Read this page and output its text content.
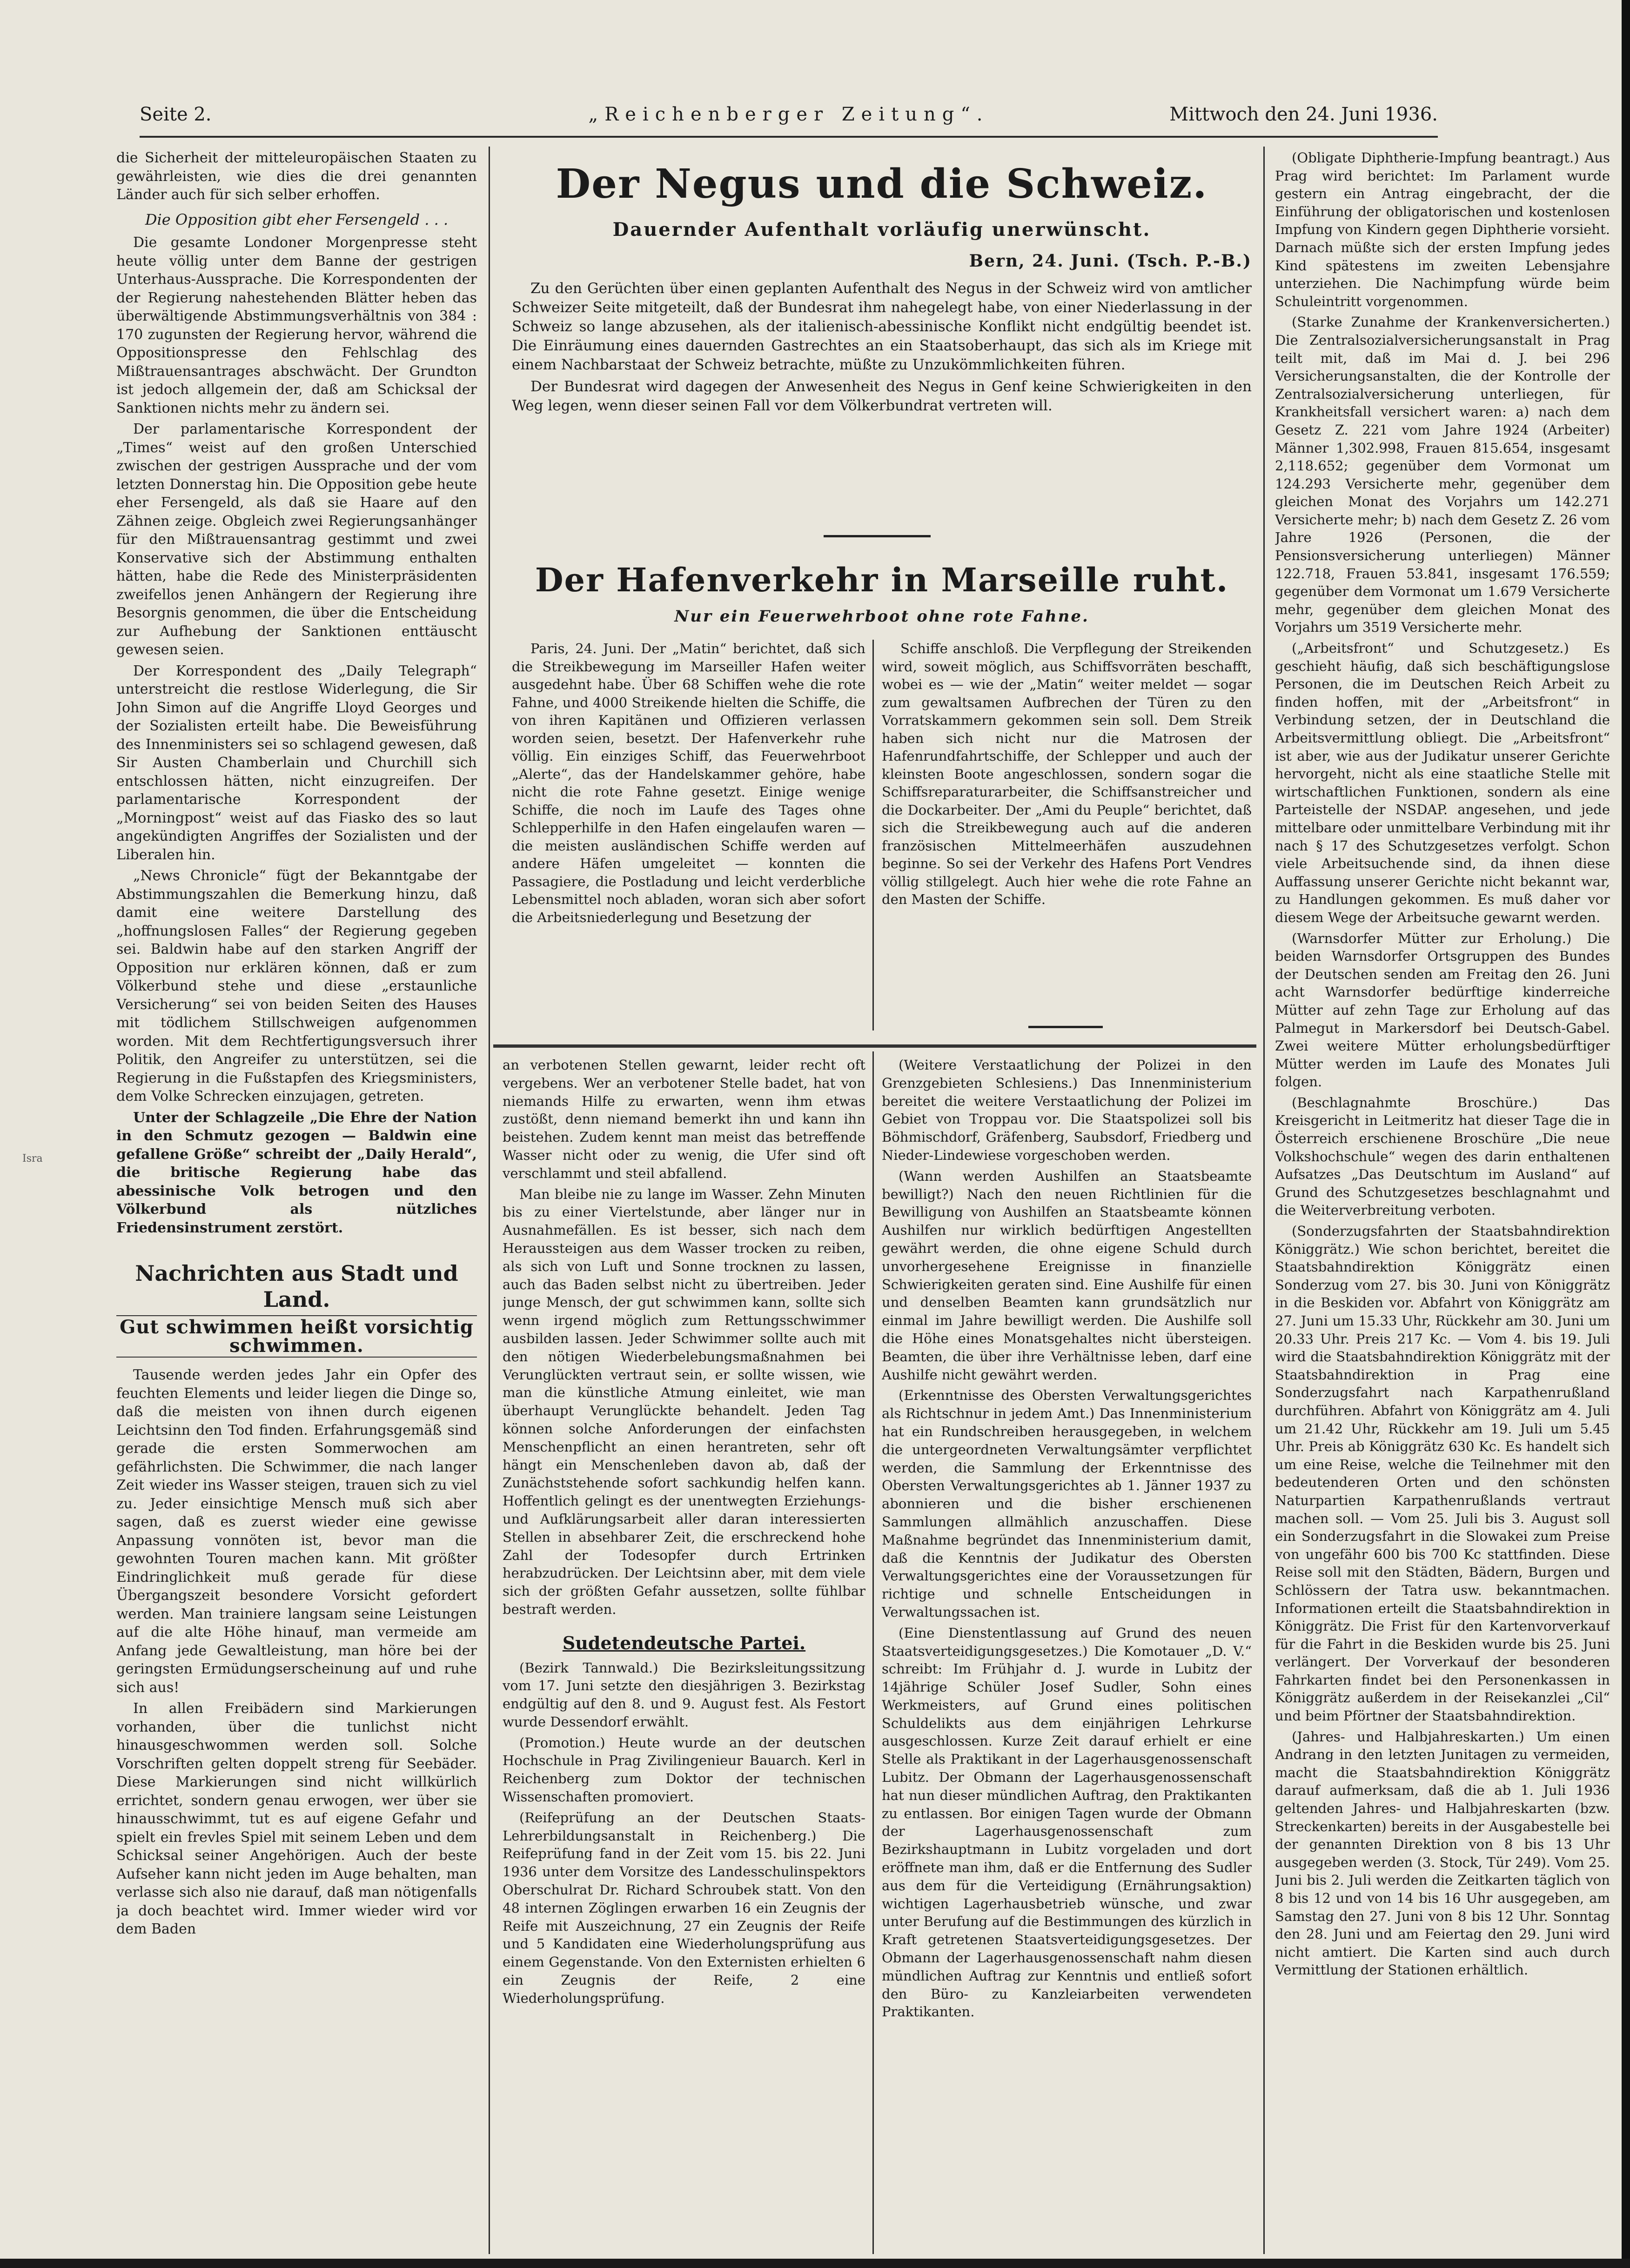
Seite 2.	„Reichenberger Zeitung“.	Mittwoch den 24. Juni 1936.
Isra

die Sicherheit der mitteleuropäischen Staaten zu gewährleisten, wie dies die drei genannten Länder auch für sich selber erhoffen.

Die Opposition gibt eher Fersengeld . . .

Die gesamte Londoner Morgenpresse steht heute völlig unter dem Banne der gestrigen Unterhaus-Aussprache. Die Korrespondenten der der Regierung nahestehenden Blätter heben das überwältigende Abstimmungsverhältnis von 384 : 170 zugunsten der Regierung hervor, während die Oppositionspresse den Fehlschlag des Mißtrauensantrages abschwächt. Der Grundton ist jedoch allgemein der, daß am Schicksal der Sanktionen nichts mehr zu ändern sei.

Der parlamentarische Korrespondent der „Times“ weist auf den großen Unterschied zwischen der gestrigen Aussprache und der vom letzten Donnerstag hin. Die Opposition gebe heute eher Fersengeld, als daß sie Haare auf den Zähnen zeige. Obgleich zwei Regierungsanhänger für den Mißtrauensantrag gestimmt und zwei Konservative sich der Abstimmung enthalten hätten, habe die Rede des Ministerpräsidenten zweifellos jenen Anhängern der Regierung ihre Besorgnis genommen, die über die Entscheidung zur Aufhebung der Sanktionen enttäuscht gewesen seien.

Der Korrespondent des „Daily Telegraph“ unterstreicht die restlose Widerlegung, die Sir John Simon auf die Angriffe Lloyd Georges und der Sozialisten erteilt habe. Die Beweisführung des Innenministers sei so schlagend gewesen, daß Sir Austen Chamberlain und Churchill sich entschlossen hätten, nicht einzugreifen. Der parlamentarische Korrespondent der „Morningpost“ weist auf das Fiasko des so laut angekündigten Angriffes der Sozialisten und der Liberalen hin.

„News Chronicle“ fügt der Bekanntgabe der Abstimmungszahlen die Bemerkung hinzu, daß damit eine weitere Darstellung des „hoffnungslosen Falles“ der Regierung gegeben sei. Baldwin habe auf den starken Angriff der Opposition nur erklären können, daß er zum Völkerbund stehe und diese „erstaunliche Versicherung“ sei von beiden Seiten des Hauses mit tödlichem Stillschweigen aufgenommen worden. Mit dem Rechtfertigungsversuch ihrer Politik, den Angreifer zu unterstützen, sei die Regierung in die Fußstapfen des Kriegsministers, dem Volke Schrecken einzujagen, getreten.

Unter der Schlagzeile „Die Ehre der Nation in den Schmutz gezogen — Baldwin eine gefallene Größe“ schreibt der „Daily Herald“, die britische Regierung habe das abessinische Volk betrogen und den Völkerbund als nützliches Friedensinstrument zerstört.

Nachrichten aus Stadt und Land.

Gut schwimmen heißt vorsichtig schwimmen.

Tausende werden jedes Jahr ein Opfer des feuchten Elements und leider liegen die Dinge so, daß die meisten von ihnen durch eigenen Leichtsinn den Tod finden. Erfahrungsgemäß sind gerade die ersten Sommerwochen am gefährlichsten. Die Schwimmer, die nach langer Zeit wieder ins Wasser steigen, trauen sich zu viel zu. Jeder einsichtige Mensch muß sich aber sagen, daß es zuerst wieder eine gewisse Anpassung vonnöten ist, bevor man die gewohnten Touren machen kann. Mit größter Eindringlichkeit muß gerade für diese Übergangszeit besondere Vorsicht gefordert werden. Man trainiere langsam seine Leistungen auf die alte Höhe hinauf, man vermeide am Anfang jede Gewaltleistung, man höre bei der geringsten Ermüdungserscheinung auf und ruhe sich aus!

In allen Freibädern sind Markierungen vorhanden, über die tunlichst nicht hinausgeschwommen werden soll. Solche Vorschriften gelten doppelt streng für Seebäder. Diese Markierungen sind nicht willkürlich errichtet, sondern genau erwogen, wer über sie hinausschwimmt, tut es auf eigene Gefahr und spielt ein frevles Spiel mit seinem Leben und dem Schicksal seiner Angehörigen. Auch der beste Aufseher kann nicht jeden im Auge behalten, man verlasse sich also nie darauf, daß man nötigenfalls ja doch beachtet wird. Immer wieder wird vor dem Baden

Der Negus und die Schweiz.
Dauernder Aufenthalt vorläufig unerwünscht.
Bern, 24. Juni. (Tsch. P.-B.)

Zu den Gerüchten über einen geplanten Aufenthalt des Negus in der Schweiz wird von amtlicher Schweizer Seite mitgeteilt, daß der Bundesrat ihm nahegelegt habe, von einer Niederlassung in der Schweiz so lange abzusehen, als der italienisch-abessinische Konflikt nicht endgültig beendet ist. Die Einräumung eines dauernden Gastrechtes an ein Staatsoberhaupt, das sich als im Kriege mit einem Nachbarstaat der Schweiz betrachte, müßte zu Unzukömmlichkeiten führen.

Der Bundesrat wird dagegen der Anwesenheit des Negus in Genf keine Schwierigkeiten in den Weg legen, wenn dieser seinen Fall vor dem Völkerbundrat vertreten will.

Der Hafenverkehr in Marseille ruht.
Nur ein Feuerwehrboot ohne rote Fahne.

Paris, 24. Juni. Der „Matin“ berichtet, daß sich die Streikbewegung im Marseiller Hafen weiter ausgedehnt habe. Über 68 Schiffen wehe die rote Fahne, und 4000 Streikende hielten die Schiffe, die von ihren Kapitänen und Offizieren verlassen worden seien, besetzt. Der Hafenverkehr ruhe völlig. Ein einziges Schiff, das Feuerwehrboot „Alerte“, das der Handelskammer gehöre, habe nicht die rote Fahne gesetzt. Einige wenige Schiffe, die noch im Laufe des Tages ohne Schlepperhilfe in den Hafen eingelaufen waren — die meisten ausländischen Schiffe werden auf andere Häfen umgeleitet — konnten die Passagiere, die Postladung und leicht verderbliche Lebensmittel noch abladen, woran sich aber sofort die Arbeitsniederlegung und Besetzung der

Schiffe anschloß. Die Verpflegung der Streikenden wird, soweit möglich, aus Schiffsvorräten beschafft, wobei es — wie der „Matin“ weiter meldet — sogar zum gewaltsamen Aufbrechen der Türen zu den Vorratskammern gekommen sein soll. Dem Streik haben sich nicht nur die Matrosen der Hafenrundfahrtschiffe, der Schlepper und auch der kleinsten Boote angeschlossen, sondern sogar die Schiffsreparaturarbeiter, die Schiffsanstreicher und die Dockarbeiter. Der „Ami du Peuple“ berichtet, daß sich die Streikbewegung auch auf die anderen französischen Mittelmeerhäfen auszudehnen beginne. So sei der Verkehr des Hafens Port Vendres völlig stillgelegt. Auch hier wehe die rote Fahne an den Masten der Schiffe.

an verbotenen Stellen gewarnt, leider recht oft vergebens. Wer an verbotener Stelle badet, hat von niemands Hilfe zu erwarten, wenn ihm etwas zustößt, denn niemand bemerkt ihn und kann ihn beistehen. Zudem kennt man meist das betreffende Wasser nicht oder zu wenig, die Ufer sind oft verschlammt und steil abfallend.

Man bleibe nie zu lange im Wasser. Zehn Minuten bis zu einer Viertelstunde, aber länger nur in Ausnahmefällen. Es ist besser, sich nach dem Heraussteigen aus dem Wasser trocken zu reiben, als sich von Luft und Sonne trocknen zu lassen, auch das Baden selbst nicht zu übertreiben. Jeder junge Mensch, der gut schwimmen kann, sollte sich wenn irgend möglich zum Rettungsschwimmer ausbilden lassen. Jeder Schwimmer sollte auch mit den nötigen Wiederbelebungsmaßnahmen bei Verunglückten vertraut sein, er sollte wissen, wie man die künstliche Atmung einleitet, wie man überhaupt Verunglückte behandelt. Jeden Tag können solche Anforderungen der einfachsten Menschenpflicht an einen herantreten, sehr oft hängt ein Menschenleben davon ab, daß der Zunächststehende sofort sachkundig helfen kann. Hoffentlich gelingt es der unentwegten Erziehungs- und Aufklärungsarbeit aller daran interessierten Stellen in absehbarer Zeit, die erschreckend hohe Zahl der Todesopfer durch Ertrinken herabzudrücken. Der Leichtsinn aber, mit dem viele sich der größten Gefahr aussetzen, sollte fühlbar bestraft werden.

Sudetendeutsche Partei.

(Bezirk Tannwald.) Die Bezirksleitungssitzung vom 17. Juni setzte den diesjährigen 3. Bezirkstag endgültig auf den 8. und 9. August fest. Als Festort wurde Dessendorf erwählt.

(Promotion.) Heute wurde an der deutschen Hochschule in Prag Zivilingenieur Bauarch. Kerl in Reichenberg zum Doktor der technischen Wissenschaften promoviert.

(Reifeprüfung an der Deutschen Staats-Lehrerbildungsanstalt in Reichenberg.) Die Reifeprüfung fand in der Zeit vom 15. bis 22. Juni 1936 unter dem Vorsitze des Landesschulinspektors Oberschulrat Dr. Richard Schroubek statt. Von den 48 internen Zöglingen erwarben 16 ein Zeugnis der Reife mit Auszeichnung, 27 ein Zeugnis der Reife und 5 Kandidaten eine Wiederholungsprüfung aus einem Gegenstande. Von den Externisten erhielten 6 ein Zeugnis der Reife, 2 eine Wiederholungsprüfung.

(Weitere Verstaatlichung der Polizei in den Grenzgebieten Schlesiens.) Das Innenministerium bereitet die weitere Verstaatlichung der Polizei im Gebiet von Troppau vor. Die Staatspolizei soll bis Böhmischdorf, Gräfenberg, Saubsdorf, Friedberg und Nieder-Lindewiese vorgeschoben werden.

(Wann werden Aushilfen an Staatsbeamte bewilligt?) Nach den neuen Richtlinien für die Bewilligung von Aushilfen an Staatsbeamte können Aushilfen nur wirklich bedürftigen Angestellten gewährt werden, die ohne eigene Schuld durch unvorhergesehene Ereignisse in finanzielle Schwierigkeiten geraten sind. Eine Aushilfe für einen und denselben Beamten kann grundsätzlich nur einmal im Jahre bewilligt werden. Die Aushilfe soll die Höhe eines Monatsgehaltes nicht übersteigen. Beamten, die über ihre Verhältnisse leben, darf eine Aushilfe nicht gewährt werden.

(Erkenntnisse des Obersten Verwaltungsgerichtes als Richtschnur in jedem Amt.) Das Innenministerium hat ein Rundschreiben herausgegeben, in welchem die untergeordneten Verwaltungsämter verpflichtet werden, die Sammlung der Erkenntnisse des Obersten Verwaltungsgerichtes ab 1. Jänner 1937 zu abonnieren und die bisher erschienenen Sammlungen allmählich anzuschaffen. Diese Maßnahme begründet das Innenministerium damit, daß die Kenntnis der Judikatur des Obersten Verwaltungsgerichtes eine der Voraussetzungen für richtige und schnelle Entscheidungen in Verwaltungssachen ist.

(Eine Dienstentlassung auf Grund des neuen Staatsverteidigungsgesetzes.) Die Komotauer „D. V.“ schreibt: Im Frühjahr d. J. wurde in Lubitz der 14jährige Schüler Josef Sudler, Sohn eines Werkmeisters, auf Grund eines politischen Schuldelikts aus dem einjährigen Lehrkurse ausgeschlossen. Kurze Zeit darauf erhielt er eine Stelle als Praktikant in der Lagerhausgenossenschaft Lubitz. Der Obmann der Lagerhausgenossenschaft hat nun dieser mündlichen Auftrag, den Praktikanten zu entlassen. Bor einigen Tagen wurde der Obmann der Lagerhausgenossenschaft zum Bezirkshauptmann in Lubitz vorgeladen und dort eröffnete man ihm, daß er die Entfernung des Sudler aus dem für die Verteidigung (Ernährungsaktion) wichtigen Lagerhausbetrieb wünsche, und zwar unter Berufung auf die Bestimmungen des kürzlich in Kraft getretenen Staatsverteidigungsgesetzes. Der Obmann der Lagerhausgenossenschaft nahm diesen mündlichen Auftrag zur Kenntnis und entließ sofort den Büro- zu Kanzleiarbeiten verwendeten Praktikanten.

(Obligate Diphtherie-Impfung beantragt.) Aus Prag wird berichtet: Im Parlament wurde gestern ein Antrag eingebracht, der die Einführung der obligatorischen und kostenlosen Impfung von Kindern gegen Diphtherie vorsieht. Darnach müßte sich der ersten Impfung jedes Kind spätestens im zweiten Lebensjahre unterziehen. Die Nachimpfung würde beim Schuleintritt vorgenommen.

(Starke Zunahme der Krankenversicherten.) Die Zentralsozialversicherungsanstalt in Prag teilt mit, daß im Mai d. J. bei 296 Versicherungsanstalten, die der Kontrolle der Zentralsozialversicherung unterliegen, für Krankheitsfall versichert waren: a) nach dem Gesetz Z. 221 vom Jahre 1924 (Arbeiter) Männer 1,302.998, Frauen 815.654, insgesamt 2,118.652; gegenüber dem Vormonat um 124.293 Versicherte mehr, gegenüber dem gleichen Monat des Vorjahrs um 142.271 Versicherte mehr; b) nach dem Gesetz Z. 26 vom Jahre 1926 (Personen, die der Pensionsversicherung unterliegen) Männer 122.718, Frauen 53.841, insgesamt 176.559; gegenüber dem Vormonat um 1.679 Versicherte mehr, gegenüber dem gleichen Monat des Vorjahrs um 3519 Versicherte mehr.

(„Arbeitsfront“ und Schutzgesetz.) Es geschieht häufig, daß sich beschäftigungslose Personen, die im Deutschen Reich Arbeit zu finden hoffen, mit der „Arbeitsfront“ in Verbindung setzen, der in Deutschland die Arbeitsvermittlung obliegt. Die „Arbeitsfront“ ist aber, wie aus der Judikatur unserer Gerichte hervorgeht, nicht als eine staatliche Stelle mit wirtschaftlichen Funktionen, sondern als eine Parteistelle der NSDAP. angesehen, und jede mittelbare oder unmittelbare Verbindung mit ihr nach § 17 des Schutzgesetzes verfolgt. Schon viele Arbeitsuchende sind, da ihnen diese Auffassung unserer Gerichte nicht bekannt war, zu Handlungen gekommen. Es muß daher vor diesem Wege der Arbeitsuche gewarnt werden.

(Warnsdorfer Mütter zur Erholung.) Die beiden Warnsdorfer Ortsgruppen des Bundes der Deutschen senden am Freitag den 26. Juni acht Warnsdorfer bedürftige kinderreiche Mütter auf zehn Tage zur Erholung auf das Palmegut in Markersdorf bei Deutsch-Gabel. Zwei weitere Mütter erholungsbedürftiger Mütter werden im Laufe des Monates Juli folgen.

(Beschlagnahmte Broschüre.) Das Kreisgericht in Leitmeritz hat dieser Tage die in Österreich erschienene Broschüre „Die neue Volkshochschule“ wegen des darin enthaltenen Aufsatzes „Das Deutschtum im Ausland“ auf Grund des Schutzgesetzes beschlagnahmt und die Weiterverbreitung verboten.

(Sonderzugsfahrten der Staatsbahndirektion Königgrätz.) Wie schon berichtet, bereitet die Staatsbahndirektion Königgrätz einen Sonderzug vom 27. bis 30. Juni von Königgrätz in die Beskiden vor. Abfahrt von Königgrätz am 27. Juni um 15.33 Uhr, Rückkehr am 30. Juni um 20.33 Uhr. Preis 217 Kc. — Vom 4. bis 19. Juli wird die Staatsbahndirektion Königgrätz mit der Staatsbahndirektion in Prag eine Sonderzugsfahrt nach Karpathenrußland durchführen. Abfahrt von Königgrätz am 4. Juli um 21.42 Uhr, Rückkehr am 19. Juli um 5.45 Uhr. Preis ab Königgrätz 630 Kc. Es handelt sich um eine Reise, welche die Teilnehmer mit den bedeutenderen Orten und den schönsten Naturpartien Karpathenrußlands vertraut machen soll. — Vom 25. Juli bis 3. August soll ein Sonderzugsfahrt in die Slowakei zum Preise von ungefähr 600 bis 700 Kc stattfinden. Diese Reise soll mit den Städten, Bädern, Burgen und Schlössern der Tatra usw. bekanntmachen. Informationen erteilt die Staatsbahndirektion in Königgrätz. Die Frist für den Kartenvorverkauf für die Fahrt in die Beskiden wurde bis 25. Juni verlängert. Der Vorverkauf der besonderen Fahrkarten findet bei den Personenkassen in Königgrätz außerdem in der Reisekanzlei „Cil“ und beim Pförtner der Staatsbahndirektion.

(Jahres- und Halbjahreskarten.) Um einen Andrang in den letzten Junitagen zu vermeiden, macht die Staatsbahndirektion Königgrätz darauf aufmerksam, daß die ab 1. Juli 1936 geltenden Jahres- und Halbjahreskarten (bzw. Streckenkarten) bereits in der Ausgabestelle bei der genannten Direktion von 8 bis 13 Uhr ausgegeben werden (3. Stock, Tür 249). Vom 25. Juni bis 2. Juli werden die Zeitkarten täglich von 8 bis 12 und von 14 bis 16 Uhr ausgegeben, am Samstag den 27. Juni von 8 bis 12 Uhr. Sonntag den 28. Juni und am Feiertag den 29. Juni wird nicht amtiert. Die Karten sind auch durch Vermittlung der Stationen erhältlich.
